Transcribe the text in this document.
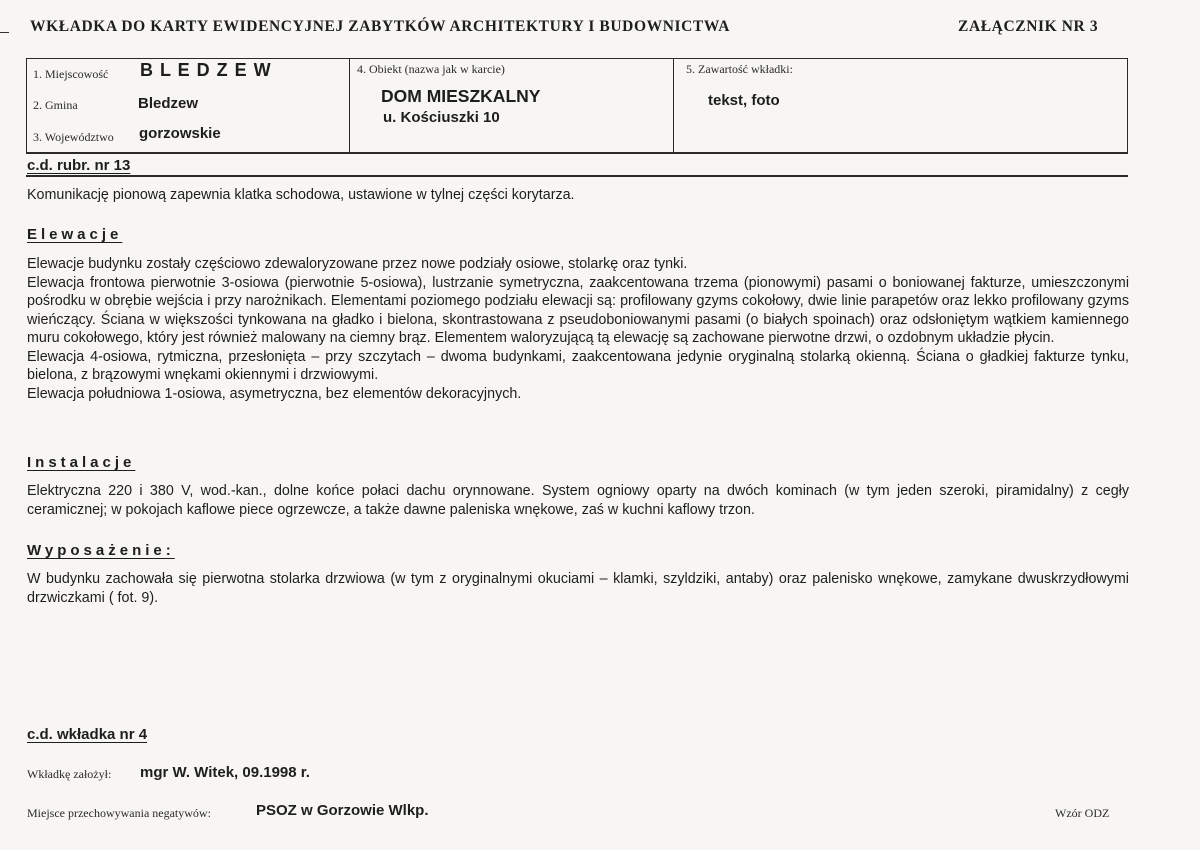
WKŁADKA DO KARTY EWIDENCYJNEJ ZABYTKÓW ARCHITEKTURY I BUDOWNICTWA	ZAŁĄCZNIK NR 3
1. Miejscowość B L E D Z E W
2. Gmina	Bledzew
3. Województwo gorzowskie
4. Obiekt (nazwa jak w karcie)
DOM MIESZKALNY
u. Kościuszki 10
5. Zawartość wkładki:
tekst, foto
c.d. rubr. nr 13
Komunikację pionową zapewnia klatka schodowa, ustawione w tylnej części korytarza.
Elewacje

Elewacje budynku zostały częściowo zdewaloryzowane przez nowe podziały osiowe, stolarkę oraz tynki.

Elewacja frontowa pierwotnie 3-osiowa (pierwotnie 5-osiowa), lustrzanie symetryczna, zaakcentowana trzema (pionowymi) pasami o boniowanej fakturze, umieszczonymi pośrodku w obrębie wejścia i przy narożnikach. Elementami poziomego podziału elewacji są: profilowany gzyms cokołowy, dwie linie parapetów oraz lekko profilowany gzyms wieńczący. Ściana w większości tynkowana na gładko i bielona, skontrastowana z pseudoboniowanymi pasami (o białych spoinach) oraz odsłoniętym wątkiem kamiennego muru cokołowego, który jest również malowany na ciemny brąz. Elementem waloryzującą tą elewację są zachowane pierwotne drzwi, o ozdobnym układzie płycin.

Elewacja 4-osiowa, rytmiczna, przesłonięta – przy szczytach – dwoma budynkami, zaakcentowana jedynie oryginalną stolarką okienną. Ściana o gładkiej fakturze tynku, bielona, z brązowymi wnękami okiennymi i drzwiowymi.

Elewacja południowa 1-osiowa, asymetryczna, bez elementów dekoracyjnych.

Instalacje

Elektryczna 220 i 380 V, wod.-kan., dolne końce połaci dachu orynnowane. System ogniowy oparty na dwóch kominach (w tym jeden szeroki, piramidalny) z cegły ceramicznej; w pokojach kaflowe piece ogrzewcze, a także dawne paleniska wnękowe, zaś w kuchni kaflowy trzon.

Wyposażenie:

W budynku zachowała się pierwotna stolarka drzwiowa (w tym z oryginalnymi okuciami – klamki, szyldziki, antaby) oraz palenisko wnękowe, zamykane dwuskrzydłowymi drzwiczkami ( fot. 9).

c.d. wkładka nr 4
Wkładkę założył: mgr W. Witek, 09.1998 r.
Miejsce przechowywania negatywów:	PSOZ w Gorzowie Wlkp.	Wzór ODZ
